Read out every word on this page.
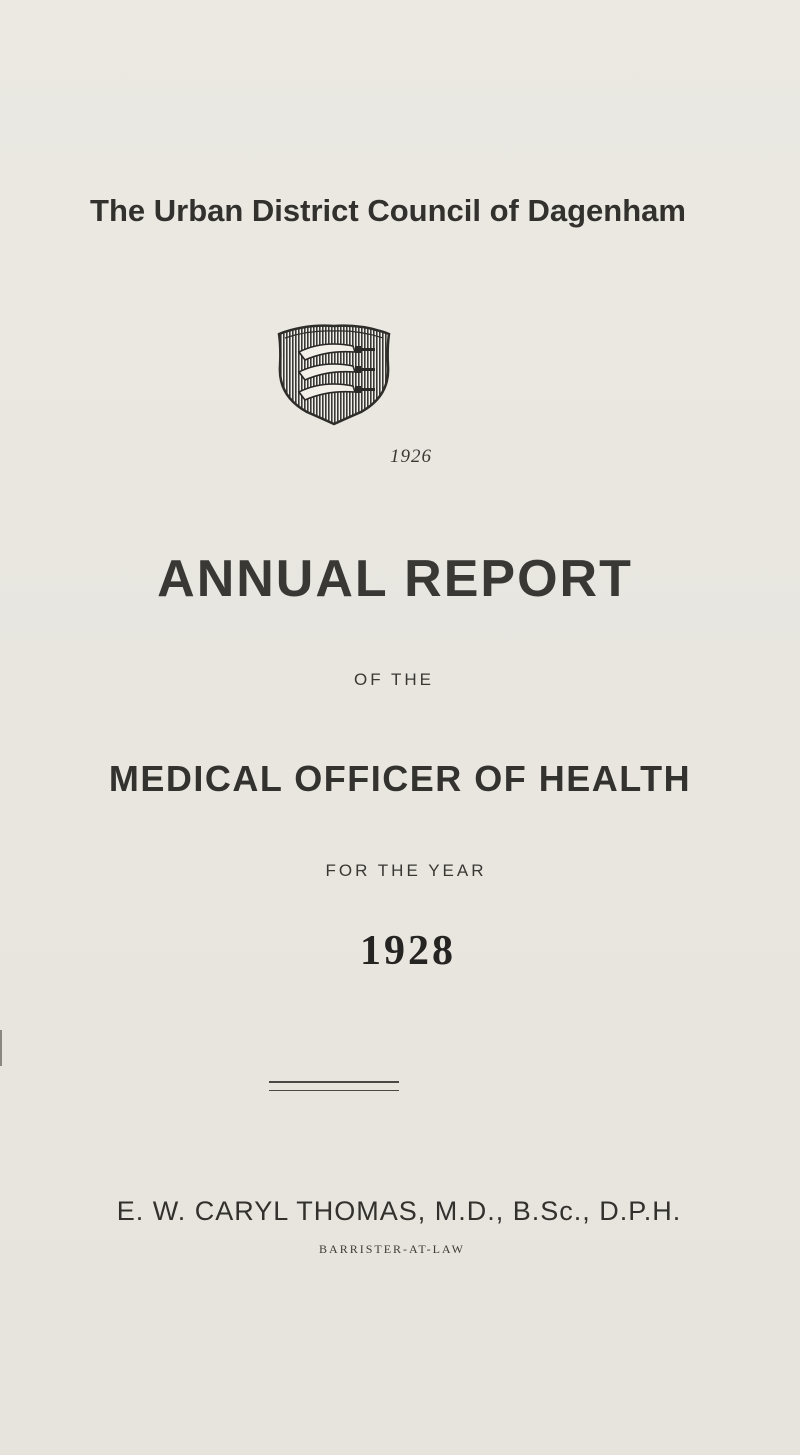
The Urban District Council of Dagenham

1926

ANNUAL REPORT

OF THE

MEDICAL OFFICER OF HEALTH

FOR THE YEAR

1928

E. W. CARYL THOMAS, M.D., B.Sc., D.P.H.

BARRISTER-AT-LAW
